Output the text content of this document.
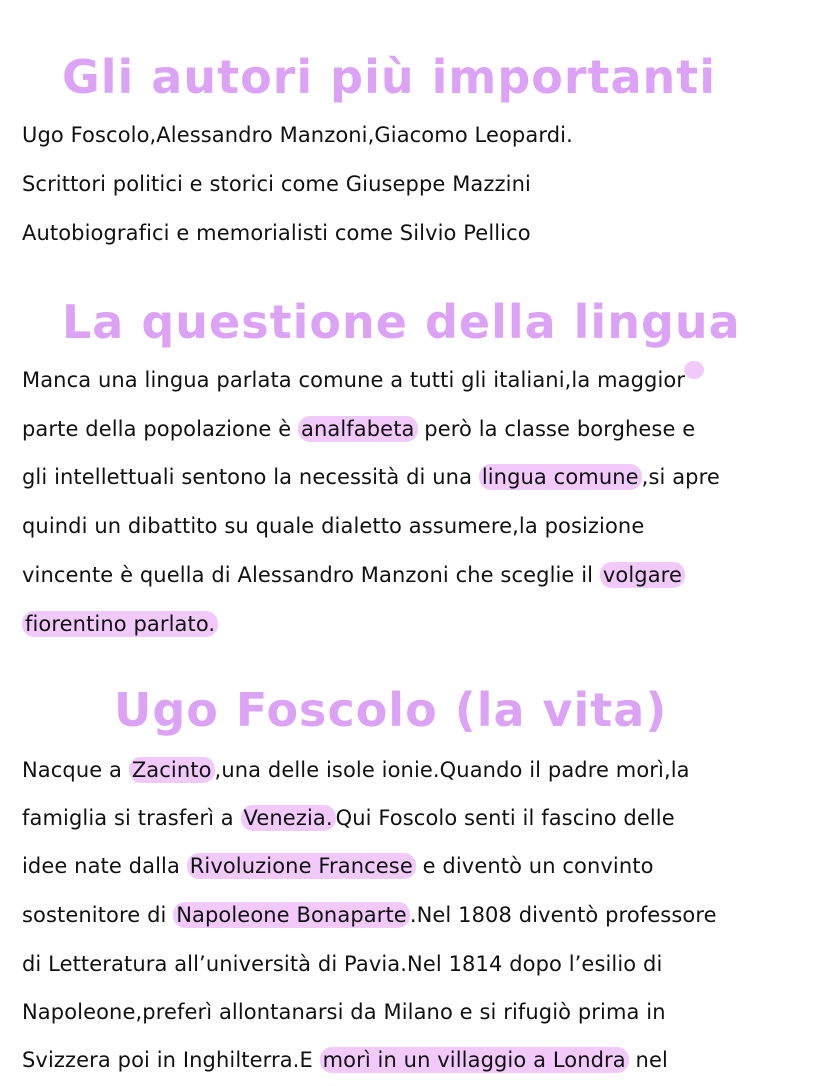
Gli autori più importanti

Ugo Foscolo,Alessandro Manzoni,Giacomo Leopardi.

Scrittori politici e storici come Giuseppe Mazzini

Autobiografici e memorialisti come Silvio Pellico

La questione della lingua

Manca una lingua parlata comune a tutti gli italiani,la maggior

parte della popolazione è analfabeta però la classe borghese e

gli intellettuali sentono la necessità di una lingua comune ,si apre

quindi un dibattito su quale dialetto assumere,la posizione

vincente è quella di Alessandro Manzoni che sceglie il volgare

fiorentino parlato.

Ugo Foscolo (la vita)

Nacque a Zacinto ,una delle isole ionie.Quando il padre morì,la

famiglia si trasferì a Venezia. Qui Foscolo senti il fascino delle

idee nate dalla Rivoluzione Francese e diventò un convinto

sostenitore di Napoleone Bonaparte .Nel 1808 diventò professore

di Letteratura all’università di Pavia.Nel 1814 dopo l’esilio di

Napoleone,preferì allontanarsi da Milano e si rifugiò prima in

Svizzera poi in Inghilterra.E morì in un villaggio a Londra nel
